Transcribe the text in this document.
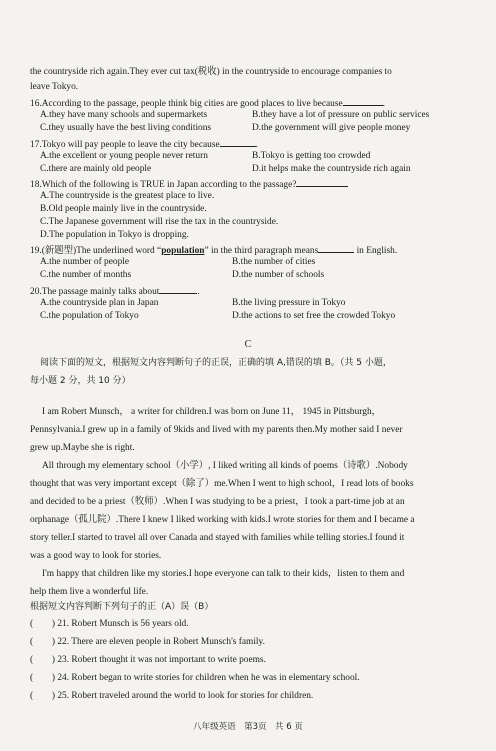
the countryside rich again.They ever cut tax(税收) in the countryside to encourage companies to
leave Tokyo.
16.According to the passage, people think big cities are good places to live because	.
A.they have many schools and supermarkets	B.they have a lot of pressure on public services
C.they usually have the best living conditions	D.the government will give people money
17.Tokyo will pay people to leave the city because	.
A.the excellent or young people never return	B.Tokyo is getting too crowded
C.there are mainly old people	D.it helps make the countryside rich again
18.Which of the following is TRUE in Japan according to the passage?
A.The countryside is the greatest place to live.
B.Old people mainly live in the countryside.
C.The Japanese government will rise the tax in the countryside.
D.The population in Tokyo is dropping.
19.(新题型)The underlined word “population” in the third paragraph means	in English.
A.the number of people	B.the number of cities
C.the number of months	D.the number of schools
20.The passage mainly talks about	.
A.the countryside plan in Japan	B.the living pressure in Tokyo
C.the population of Tokyo	D.the actions to set free the crowded Tokyo
C
阅读下面的短文，根据短文内容判断句子的正误，正确的填 A,错误的填 B。（共 5 小题，
每小题 2 分，共 10 分）
I am Robert Munsch， a writer for children.I was born on June 11， 1945 in Pittsburgh，
Pennsylvania.I grew up in a family of 9kids and lived with my parents then.My mother said I never
grew up.Maybe she is right.
All through my elementary school（小学）, I liked writing all kinds of poems（诗歌）.Nobody
thought that was very important except（除了）me.When I went to high school，I read lots of books
and decided to be a priest（牧师）.When I was studying to be a priest，I took a part-time job at an
orphanage（孤儿院）.There I knew I liked working with kids.I wrote stories for them and I became a
story teller.I started to travel all over Canada and stayed with families while telling stories.I found it
was a good way to look for stories.
I'm happy that children like my stories.I hope everyone can talk to their kids，listen to them and
help them live a wonderful life.
根据短文内容判断下列句子的正（A）误（B）
(　　) 21. Robert Munsch is 56 years old.
(　　) 22. There are eleven people in Robert Munsch's family.
(　　) 23. Robert thought it was not important to write poems.
(　　) 24. Robert began to write stories for children when he was in elementary school.
(　　) 25. Robert traveled around the world to look for stories for children.
八年级英语　第3页　共 6 页
